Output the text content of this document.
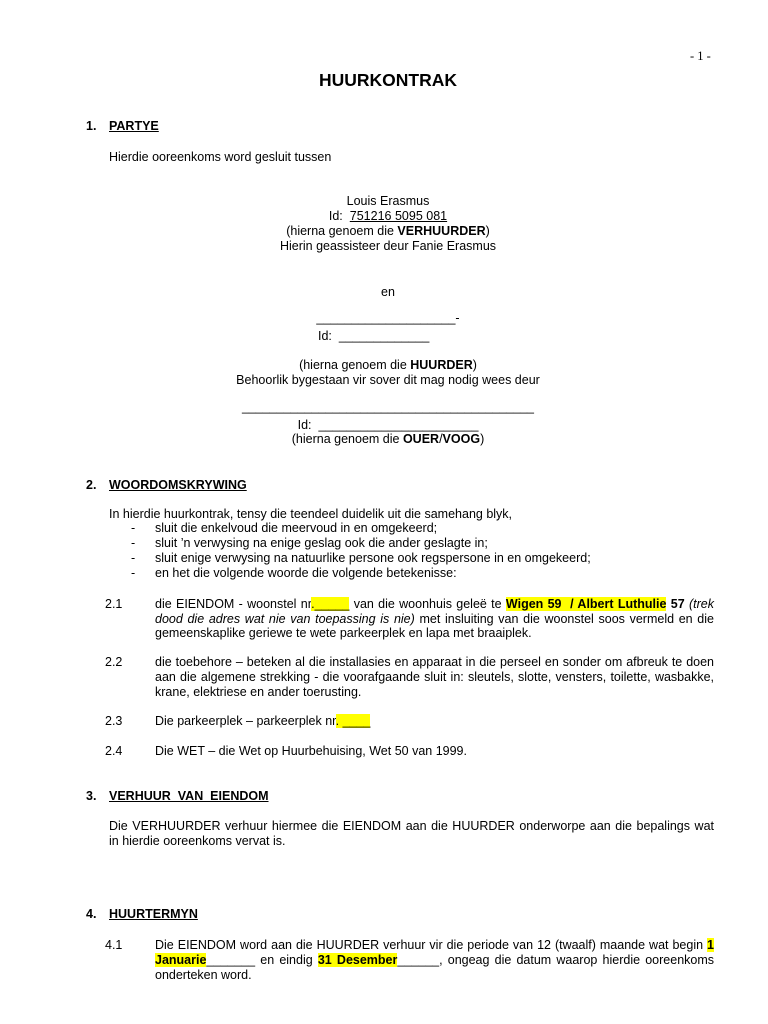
- 1 -
HUURKONTRAK
1. PARTYE
Hierdie ooreenkoms word gesluit tussen
Louis Erasmus
Id: 751216 5095 081
(hierna genoem die VERHUURDER)
Hierin geassisteer deur Fanie Erasmus
en
____________________-
Id: _____________
(hierna genoem die HUURDER)
Behoorlik bygestaan vir sover dit mag nodig wees deur
__________________________________________
Id: _______________________
(hierna genoem die OUER/VOOG)
2. WOORDOMSKRYWING
In hierdie huurkontrak, tensy die teendeel duidelik uit die samehang blyk,
- sluit die enkelvoud die meervoud in en omgekeerd;
- sluit ’n verwysing na enige geslag ook die ander geslagte in;
- sluit enige verwysing na natuurlike persone ook regspersone in en omgekeerd;
- en het die volgende woorde die volgende betekenisse:
2.1	die EIENDOM - woonstel nr._____ van die woonhuis geleë te Wigen 59  / Albert Luthulie 57 (trek
dood die adres wat nie van toepassing is nie) met insluiting van die woonstel soos vermeld en die
gemeenskaplike geriewe te wete parkeerplek en lapa met braaiplek.
2.2	die toebehore – beteken al die installasies en apparaat in die perseel en sonder om afbreuk te doen
aan die algemene strekking - die voorafgaande sluit in: sleutels, slotte, vensters, toilette, wasbakke,
krane, elektriese en ander toerusting.
2.3	Die parkeerplek – parkeerplek nr. ____
2.4	Die WET – die Wet op Huurbehuising, Wet 50 van 1999.
3. VERHUUR  VAN  EIENDOM
Die VERHUURDER verhuur hiermee die EIENDOM aan die HUURDER onderworpe aan die bepalings wat
in hierdie ooreenkoms vervat is.
4. HUURTERMYN
4.1	Die EIENDOM word aan die HUURDER verhuur vir die periode van 12 (twaalf) maande wat begin 1
Januarie_______ en eindig 31 Desember______, ongeag die datum waarop hierdie ooreenkoms
onderteken word.
